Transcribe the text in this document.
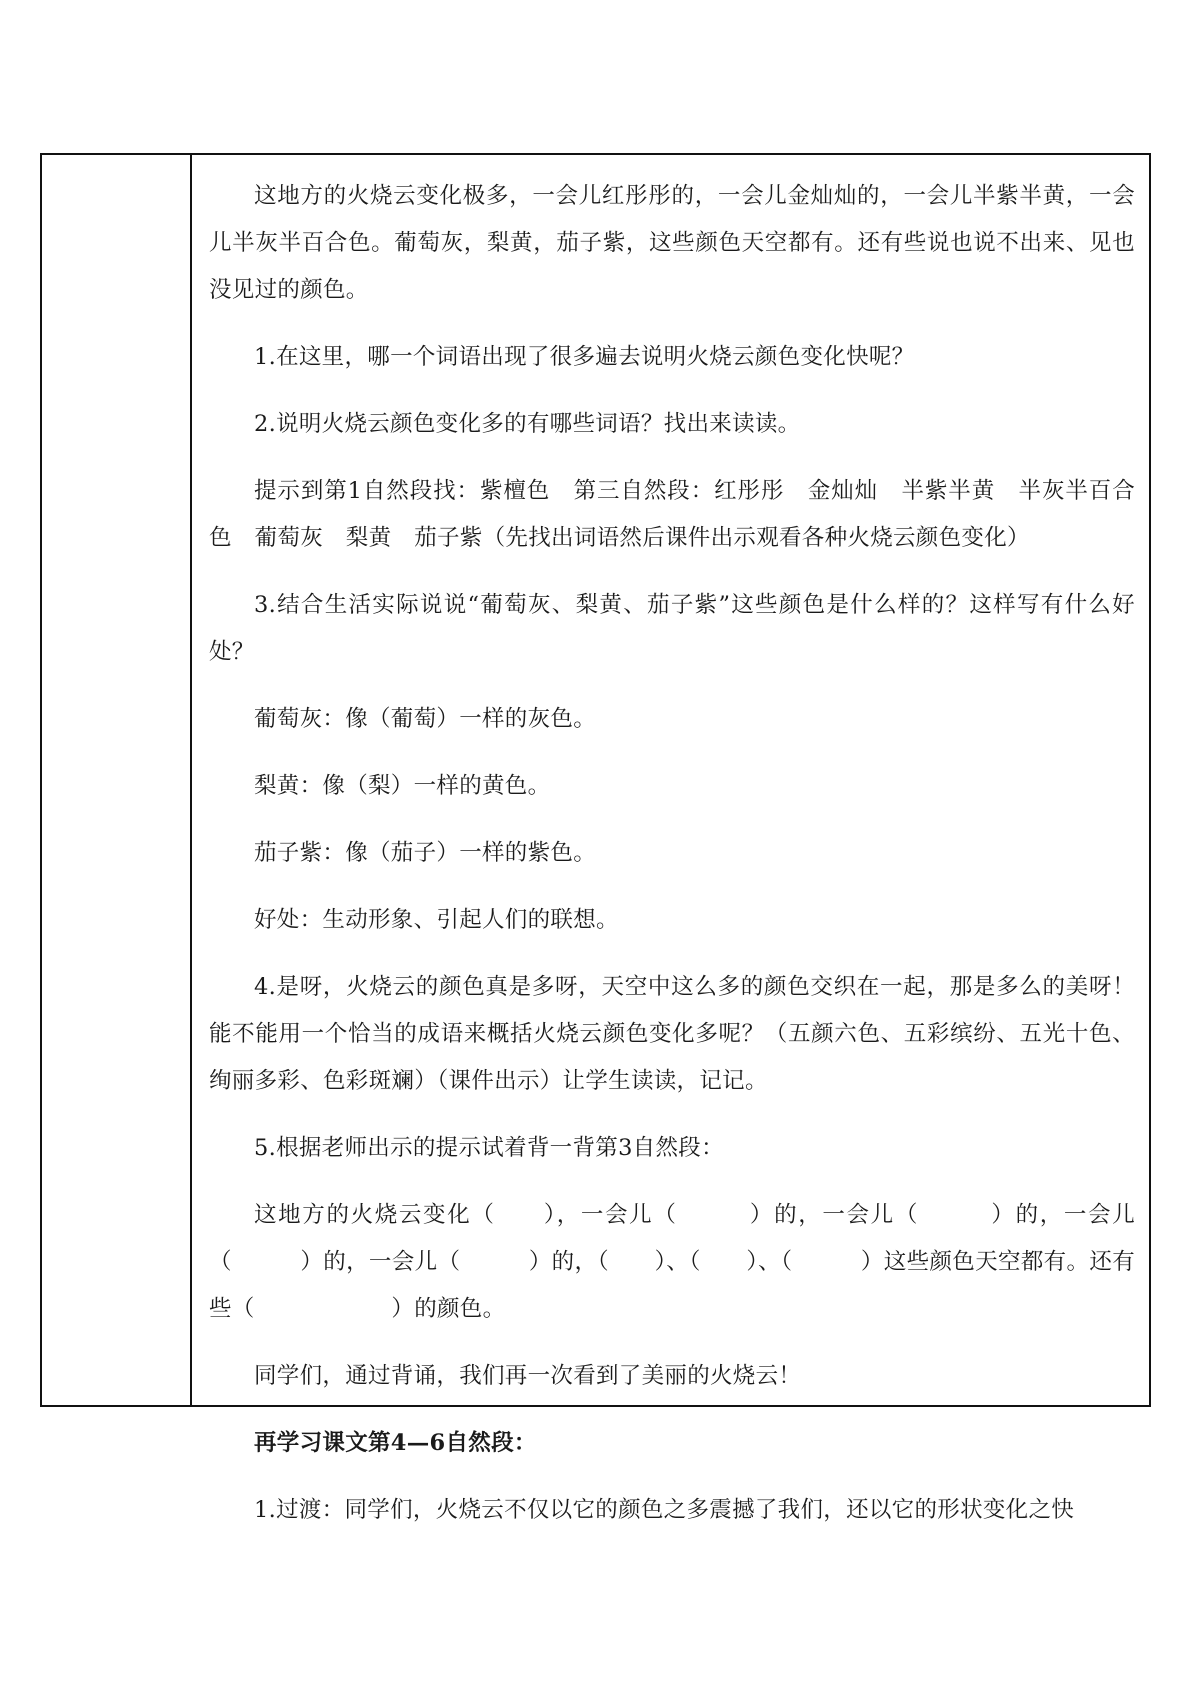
这地方的火烧云变化极多，一会儿红彤彤的，一会儿金灿灿的，一会儿半紫半黄，一会儿半灰半百合色。葡萄灰，梨黄，茄子紫，这些颜色天空都有。还有些说也说不出来、见也没见过的颜色。

1.在这里，哪一个词语出现了很多遍去说明火烧云颜色变化快呢？

2.说明火烧云颜色变化多的有哪些词语？找出来读读。

提示到第1自然段找：紫檀色　第三自然段：红彤彤　金灿灿　半紫半黄　半灰半百合色　葡萄灰　梨黄　茄子紫（先找出词语然后课件出示观看各种火烧云颜色变化）

3.结合生活实际说说“葡萄灰、梨黄、茄子紫”这些颜色是什么样的？这样写有什么好处？

葡萄灰：像（葡萄）一样的灰色。

梨黄：像（梨）一样的黄色。

茄子紫：像（茄子）一样的紫色。

好处：生动形象、引起人们的联想。

4.是呀，火烧云的颜色真是多呀，天空中这么多的颜色交织在一起，那是多么的美呀！能不能用一个恰当的成语来概括火烧云颜色变化多呢？（五颜六色、五彩缤纷、五光十色、绚丽多彩、色彩斑斓）（课件出示）让学生读读，记记。

5.根据老师出示的提示试着背一背第3自然段：

这地方的火烧云变化（　　），一会儿（　　　）的，一会儿（　　　）的，一会儿（　　　）的，一会儿（　　　）的，（　　）、（　　）、（　　　）这些颜色天空都有。还有些（　　　　　　）的颜色。

同学们，通过背诵，我们再一次看到了美丽的火烧云！

再学习课文第4—6自然段：

1.过渡：同学们，火烧云不仅以它的颜色之多震撼了我们，还以它的形状变化之快
